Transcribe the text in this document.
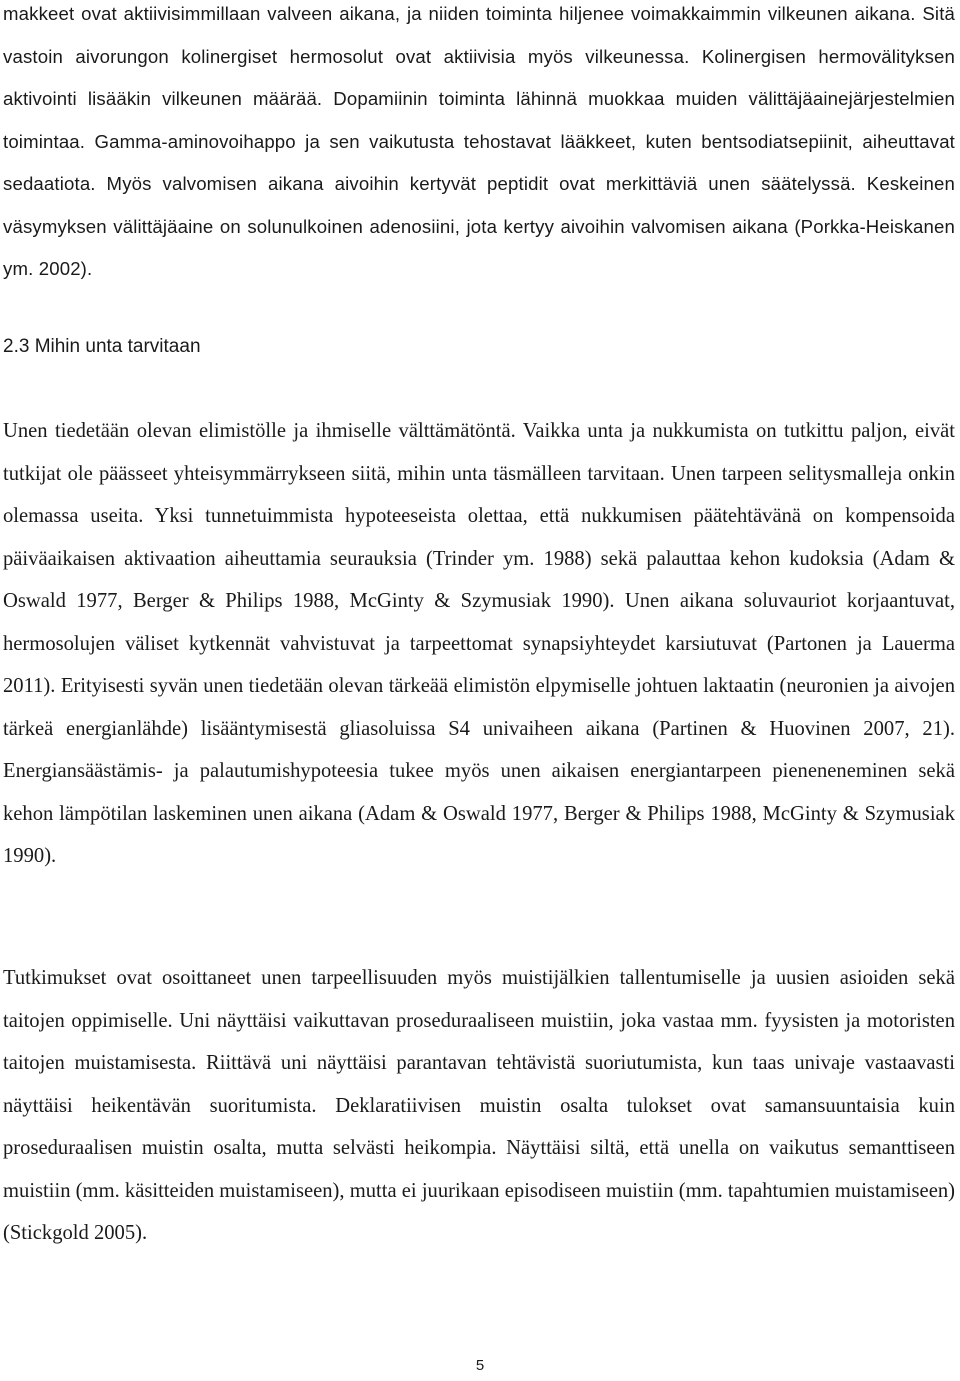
makkeet ovat aktiivisimmillaan valveen aikana, ja niiden toiminta hiljenee voimakkaimmin vilkeunen aikana. Sitä vastoin aivorungon kolinergiset hermosolut ovat aktiivisia myös vilkeunessa. Kolinergisen hermovälityksen aktivointi lisääkin vilkeunen määrää. Dopamiinin toiminta lähinnä muokkaa muiden välittäjäainejärjestelmien toimintaa. Gamma-aminovoihappo ja sen vaikutusta tehostavat lääkkeet, kuten bentsodiatsepiinit, aiheuttavat sedaatiota. Myös valvomisen aikana aivoihin kertyvät peptidit ovat merkittäviä unen säätelyssä. Keskeinen väsymyksen välittäjäaine on solunulkoinen adenosiini, jota kertyy aivoihin valvomisen aikana (Porkka-Heiskanen ym. 2002).

2.3 Mihin unta tarvitaan

Unen tiedetään olevan elimistölle ja ihmiselle välttämätöntä. Vaikka unta ja nukkumista on tutkittu paljon, eivät tutkijat ole päässeet yhteisymmärrykseen siitä, mihin unta täsmälleen tarvitaan. Unen tarpeen selitysmalleja onkin olemassa useita. Yksi tunnetuimmista hypoteeseista olettaa, että nukkumisen päätehtävänä on kompensoida päiväaikaisen aktivaation aiheuttamia seurauksia (Trinder ym. 1988) sekä palauttaa kehon kudoksia (Adam & Oswald 1977, Berger & Philips 1988, McGinty & Szymusiak 1990). Unen aikana soluvauriot korjaantuvat, hermosolujen väliset kytkennät vahvistuvat ja tarpeettomat synapsiyhteydet karsiutuvat (Partonen ja Lauerma 2011). Erityisesti syvän unen tiedetään olevan tärkeää elimistön elpymiselle johtuen laktaatin (neuronien ja aivojen tärkeä energianlähde) lisääntymisestä gliasoluissa S4 univaiheen aikana (Partinen & Huovinen 2007, 21). Energiansäästämis- ja palautumishypoteesia tukee myös unen aikaisen energiantarpeen pieneneneminen sekä kehon lämpötilan laskeminen unen aikana (Adam & Oswald 1977, Berger & Philips 1988, McGinty & Szymusiak 1990).

Tutkimukset ovat osoittaneet unen tarpeellisuuden myös muistijälkien tallentumiselle ja uusien asioiden sekä taitojen oppimiselle. Uni näyttäisi vaikuttavan proseduraaliseen muistiin, joka vastaa mm. fyysisten ja motoristen taitojen muistamisesta. Riittävä uni näyttäisi parantavan tehtävistä suoriutumista, kun taas univaje vastaavasti näyttäisi heikentävän suoritumista. Deklaratiivisen muistin osalta tulokset ovat samansuuntaisia kuin proseduraalisen muistin osalta, mutta selvästi heikompia. Näyttäisi siltä, että unella on vaikutus semanttiseen muistiin (mm. käsitteiden muistamiseen), mutta ei juurikaan episodiseen muistiin (mm. tapahtumien muistamiseen) (Stickgold 2005).

5
